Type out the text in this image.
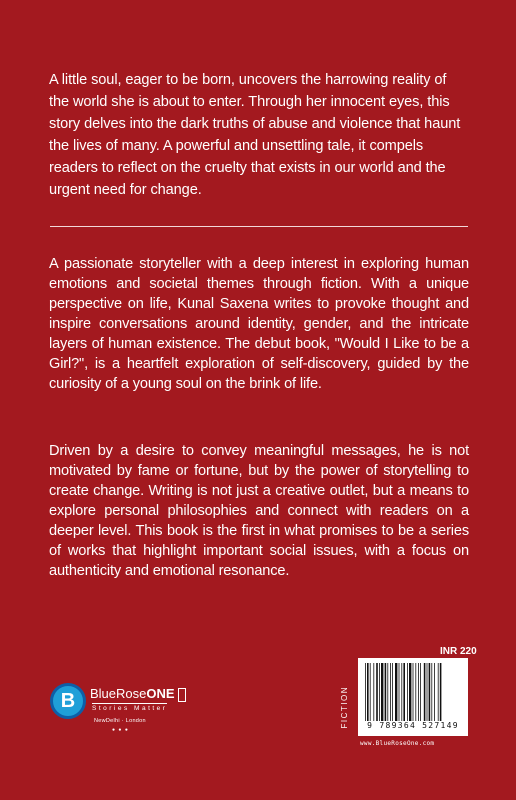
A little soul, eager to be born, uncovers the harrowing reality of the world she is about to enter. Through her innocent eyes, this story delves into the dark truths of abuse and violence that haunt the lives of many. A powerful and unsettling tale, it compels readers to reflect on the cruelty that exists in our world and the urgent need for change.

A passionate storyteller with a deep interest in exploring human emotions and societal themes through fiction. With a unique perspective on life, Kunal Saxena writes to provoke thought and inspire conversations around identity, gender, and the intricate layers of human existence. The debut book, "Would I Like to be a Girl?", is a heartfelt exploration of self-discovery, guided by the curiosity of a young soul on the brink of life.

Driven by a desire to convey meaningful messages, he is not motivated by fame or fortune, but by the power of storytelling to create change. Writing is not just a creative outlet, but a means to explore personal philosophies and connect with readers on a deeper level. This book is the first in what promises to be a series of works that highlight important social issues, with a focus on authenticity and emotional resonance.

B	BlueRoseONE
Stories Matter
NewDelhi · London
● ● ●
FICTION
INR 220
9 789364 527149
www.BlueRoseOne.com
